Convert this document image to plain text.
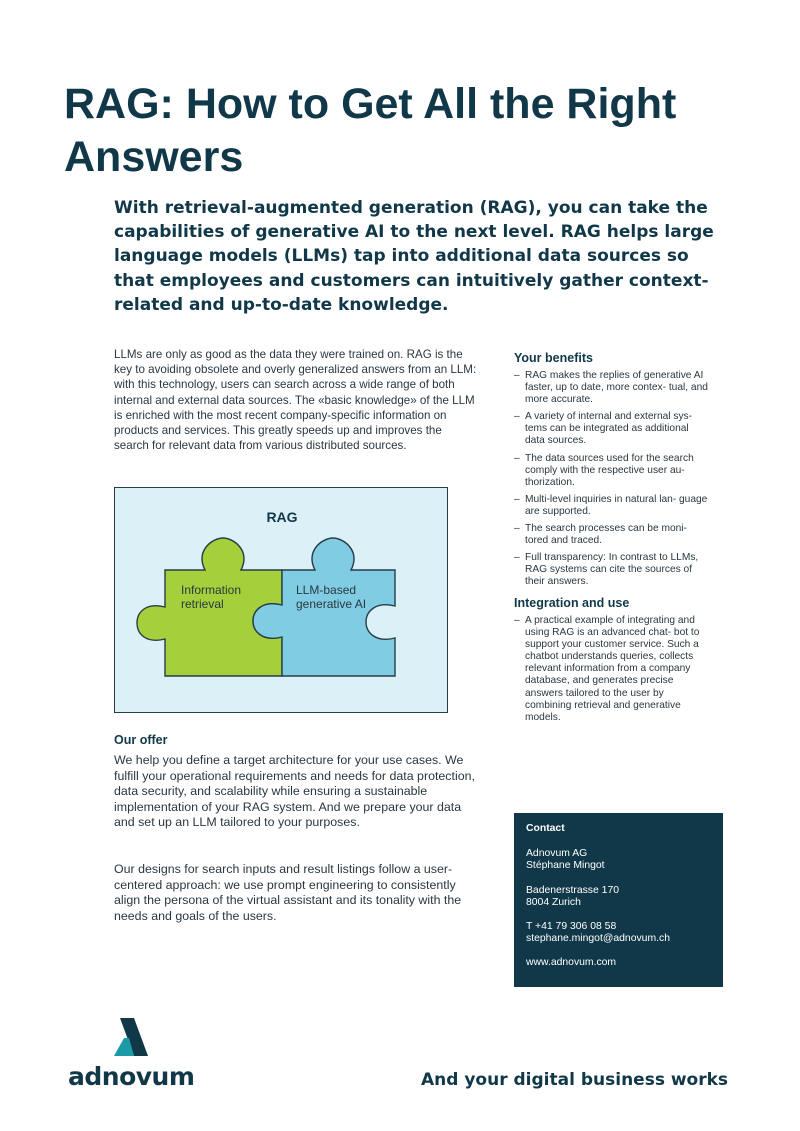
RAG: How to Get All the Right Answers

With retrieval-augmented generation (RAG), you can take the capabilities of generative AI to the next level. RAG helps large language models (LLMs) tap into additional data sources so that employees and customers can intuitively gather context-related and up-to-date knowledge.

LLMs are only as good as the data they were trained on. RAG is the key to avoiding obsolete and overly generalized answers from an LLM: with this technology, users can search across a wide range of both internal and external data sources. The «basic knowledge» of the LLM is enriched with the most recent company-specific information on products and services. This greatly speeds up and improves the search for relevant data from various distributed sources.

RAG
Information
retrieval
LLM-based
generative AI
Our offer

We help you define a target architecture for your use cases. We fulfill your operational requirements and needs for data protection, data security, and scalability while ensuring a sustainable implementation of your RAG system. And we prepare your data and set up an LLM tailored to your purposes.

Our designs for search inputs and result listings follow a user-centered approach: we use prompt engineering to consistently align the persona of the virtual assistant and its tonality with the needs and goals of the users.

Your benefits
– RAG makes the replies of generative AI faster, up to date, more contex- tual, and more accurate.
– A variety of internal and external sys- tems can be integrated as additional data sources.
– The data sources used for the search comply with the respective user au- thorization.
– Multi-level inquiries in natural lan- guage are supported.
– The search processes can be moni- tored and traced.
– Full transparency: In contrast to LLMs, RAG systems can cite the sources of their answers.
Integration and use
– A practical example of integrating and using RAG is an advanced chat- bot to support your customer service. Such a chatbot understands queries, collects relevant information from a company database, and generates precise answers tailored to the user by combining retrieval and generative models.
Contact

Adnovum AG
Stéphane Mingot

Badenerstrasse 170
8004 Zurich

T +41 79 306 08 58
stephane.mingot@adnovum.ch

www.adnovum.com

adnovum	And your digital business works
